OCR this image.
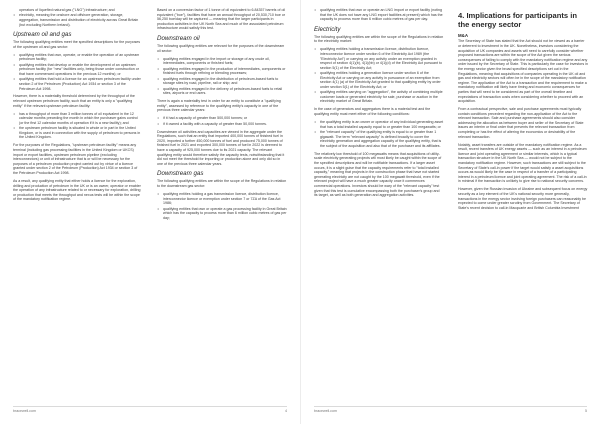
operators of liquefied natural gas ("LNG") infrastructure; and
• electricity, meaning the onshore and offshore generation, storage, aggregation, transmission and distribution of electricity across Great Britain (but excluding Northern Ireland).
Upstream oil and gas

The following qualifying entities meet the specified descriptions for the purposes of the upstream oil and gas sector:

• qualifying entities that own, operate, or enable the operation of an upstream petroleum facility;
• qualifying entities that develop or enable the development of an upstream petroleum facility (for "new" facilities only, being those under construction or that have commenced operations in the previous 12 months); or
• qualifying entities that hold a licence for an upstream petroleum facility under section 2 of the Petroleum (Production) Act 1934 or section 3 of the Petroleum Act 1998.

However, there is a materiality threshold determined by the throughput of the relevant upstream petroleum facility, such that an entity is only a "qualifying entity" if the relevant upstream petroleum facility:

• has a throughput of more than 3 million tonnes of oil equivalent in the 12 calendar months preceding the month in which the purchaser gains control (or the first 12 calendar months of operation if it is a new facility); and
• the upstream petroleum facility is situated in whole or in part in the United Kingdom, or is used in connection with the supply of petroleum to persons in the United Kingdom.

For the purposes of the Regulations, "upstream petroleum facility" means any terminal (including gas processing facilities in the United Kingdom or UKCS) import or export facilities, upstream petroleum pipeline (excluding interconnectors) or unit of infrastructure that is or will be necessary for the purposes of a petroleum production project carried out by virtue of a licence granted under section 2 of the Petroleum (Production) Act 1934 or section 3 of the Petroleum Production Act 1998.

As a result, any qualifying entity that either holds a licence for the exploration, drilling and production of petroleum in the UK or is an owner, operator or enabler the operation of any infrastructure related to or necessary for exploration, drilling or production that meets the throughput and nexus tests will be within the scope of the mandatory notification regime.

Based on a conversion factor of 1 tonne of oil equivalent to 6.84357 barrels of oil equivalent ("boe"), facilities that have an annual throughput of 20,530,710 boe or 56,250 boe/day will be captured — meaning that the larger participants in production activities in the UK North Sea and much of the associated petroleum infrastructure would satisfy this test.

Downstream oil

The following qualifying entities are relevant for the purposes of the downstream oil sector:

• qualifying entities engaged in the import or storage of any crude oil, intermediates, components or finished fuels;
• qualifying entities engaged in the production of intermediates, components or finished fuels through refining or blending processes;
• qualifying entities engaged in the distribution of petroleum-based fuels to storage sites by road, pipeline, rail or ship; and
• qualifying entities engaged in the delivery of petroleum-based fuels to retail sites, airports or end users.

There is again a materiality test in order for an entity to constitute a "qualifying entity", assessed by reference to the qualifying entity's capacity in one of the previous three calendar years:

• if it had a capacity of greater than 500,000 tonnes; or
• if it owned a facility with a capacity of greater than 50,000 tonnes.

Downstream oil activities and capacities are viewed in the aggregate under the Regulations, such that an entity that imported 400,000 tonnes of finished fuel in 2020, imported a further 450,000 tonnes of fuel and produced 75,000 tonnes of finished fuel in 2021 and exported 300,000 tonnes of fuel in 2022 is deemed to have a capacity of 925,000 tonnes due to its 2021 capacity. The relevant qualifying entity would therefore satisfy the capacity tests, notwithstanding that it did not meet the threshold for importing or production alone and only did so in one of the previous three calendar years.

Downstream gas

The following qualifying entities are within the scope of the Regulations in relation to the downstream gas sector:

• qualifying entities holding a gas transmission licence, distribution licence, interconnector licence or exemption under section 7 or 7ZA of the Gas Act 1986;
• qualifying entities that own or operate a gas processing facility in Great Britain which has the capacity to process more than 6 million cubic metres of gas per day;
bracewell.com	4
• qualifying entities that own or operate an LNG import or export facility (noting that the UK does not have any LNG export facilities at present) which has the capacity to process more than 6 million cubic metres of gas per day.
Electricity

The following qualifying entities are within the scope of the Regulations in relation to the electricity market:

• qualifying entities holding a transmission licence, distribution licence, interconnector licence under section 6 of the Electricity Act 1989 (the "Electricity Act") or carrying on any activity under an exemption granted in respect of section 4(1)(b), 4(1)(bb) or 4(1)(d) of the Electricity Act pursuant to section 5(1) of the Electricity Act;
• qualifying entities holding a generation licence under section 6 of the Electricity Act or carrying on any activity in pursuance of an exemption from section 4(1) (a) of the Electricity Act granted to that qualifying entity by order under section 5(1) of the Electricity Act; or
• qualifying entities carrying on "aggregation", the activity of combining multiple customer loads or generated electricity for sale, purchase or auction in the electricity market of Great Britain.

In the case of generators and aggregators there is a material test and the qualifying entity must meet either of the following conditions:

• the qualifying entity is an owner or operator of any individual generating asset that has a total installed capacity equal to or greater than 100 megawatts; or
• the "relevant capacity" of the qualifying entity is equal to or greater than 1 gigawatt. The term "relevant capacity" is defined broadly to cover the electricity generation and aggregation capacity of the qualifying entity, that is the subject of the acquisition and also that of the purchaser and its affiliates.

The relatively low threshold of 100 megawatts means that acquisitions of utility-scale electricity generating projects will most likely be caught within the scope of the specified descriptions and will be notifiable transactions. If a larger asset occurs, it is a slight guise that the capacity requirements refer to "total installed capacity," meaning that projects in the construction phase that have not started generating electricity are not caught by the 100 megawatt threshold, even if the relevant project will have a much greater capacity once it commences commercial operations. Investors should be wary of the "relevant capacity" test given that this test is cumulative encompassing both the purchaser's group and its target, as well as both generation and aggregation activities.

4. Implications for participants in the energy sector
M&A

The Secretary of State has stated that the Act should not be viewed as a barrier or deterrent to investment in the UK. Nonetheless, investors considering the acquisition of UK companies and assets will need to carefully consider whether proposed transactions are within the scope of the Act given the serious consequences of failing to comply with the mandatory notification regime and any order issued by the Secretary of State. This is particularly the case for investors in the energy sector given the broad specified descriptions set out in the Regulations, meaning that acquisitions of companies operating in the UK oil and gas and electricity sectors will often be in the scope of the mandatory notification regime. The application of the Act to a transaction and the requirement to make a mandatory notification will likely have timing and economic consequences for parties that will need to be considered as part of the overall timeline and expectations of transaction costs when considering whether to proceed with an acquisition.

From a contractual perspective, sale and purchase agreements must typically contain conditions precedent regarding the non-application of the Act to the relevant transaction. Sale and purchase agreements should also consider addressing the allocation as between buyer and seller of the Secretary of State issues an interim or final order that prevents the relevant transaction from completing or has the effect of altering the economics or desirability of the relevant transaction.

Notably, asset transfers are outside of the mandatory notification regime. As a result, recent transfers of UK energy assets — such as an interest in a petroleum licence and joint operating agreement or similar interests, which is a typical transaction structure in the UK North Sea — would not be subject to the mandatory notification regime. However, such transactions are still subject to the Secretary of State's call-in power if the target would satisfy a asset acquisitions occurs as would likely be the case in respect of a transfer of a participating interest in a petroleum licence and joint operating agreement. The risk of a call-in in minimal if the transaction is unlikely to give rise to national security concerns.

However, given the Russian invasion of Ukraine and subsequent focus on energy security as a key element of the UK's national security more generally, transactions in the energy sector involving foreign purchasers can reasonably be expected to come under greater scrutiny from Government. The Secretary of State's recent decision to call-in Macquarie and British Columbia Investment

bracewell.com	5
